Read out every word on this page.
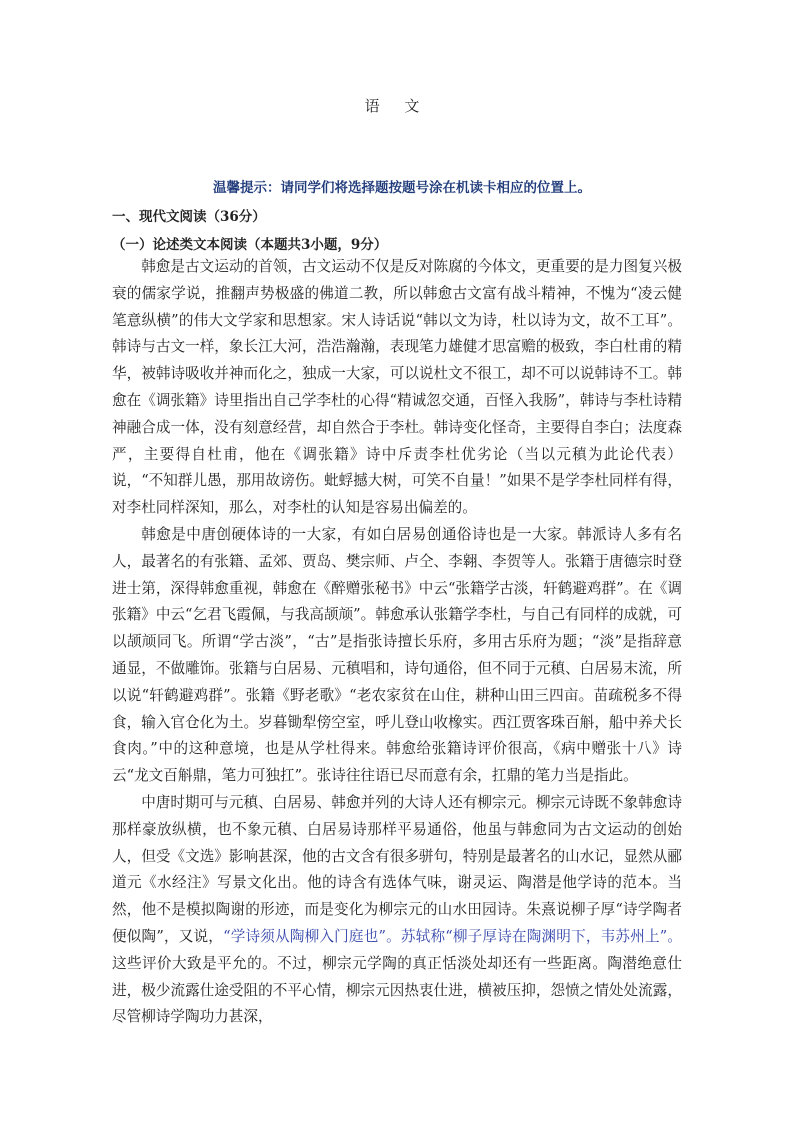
语 文
温馨提示：请同学们将选择题按题号涂在机读卡相应的位置上。
一、现代文阅读（36分）
（一）论述类文本阅读（本题共3小题，9分）

韩愈是古文运动的首领，古文运动不仅是反对陈腐的今体文，更重要的是力图复兴极衰的儒家学说，推翻声势极盛的佛道二教，所以韩愈古文富有战斗精神，不愧为“凌云健笔意纵横”的伟大文学家和思想家。宋人诗话说“韩以文为诗，杜以诗为文，故不工耳”。韩诗与古文一样，象长江大河，浩浩瀚瀚，表现笔力雄健才思富赡的极致，李白杜甫的精华，被韩诗吸收并神而化之，独成一大家，可以说杜文不很工，却不可以说韩诗不工。韩愈在《调张籍》诗里指出自己学李杜的心得“精诚忽交通，百怪入我肠”，韩诗与李杜诗精神融合成一体，没有刻意经营，却自然合于李杜。韩诗变化怪奇，主要得自李白；法度森严，主要得自杜甫，他在《调张籍》诗中斥责李杜优劣论（当以元稹为此论代表）说，“不知群儿愚，那用故谤伤。蚍蜉撼大树，可笑不自量！”如果不是学李杜同样有得，对李杜同样深知，那么，对李杜的认知是容易出偏差的。

韩愈是中唐创硬体诗的一大家，有如白居易创通俗诗也是一大家。韩派诗人多有名人，最著名的有张籍、孟郊、贾岛、樊宗师、卢仝、李翱、李贺等人。张籍于唐德宗时登进士第，深得韩愈重视，韩愈在《醉赠张秘书》中云“张籍学古淡，轩鹤避鸡群”。在《调张籍》中云“乞君飞霞佩，与我高颉颃”。韩愈承认张籍学李杜，与自己有同样的成就，可以颉颃同飞。所谓“学古淡”，“古”是指张诗擅长乐府，多用古乐府为题；“淡”是指辞意通显，不做雕饰。张籍与白居易、元稹唱和，诗句通俗，但不同于元稹、白居易末流，所以说“轩鹤避鸡群”。张籍《野老歌》“老农家贫在山住，耕种山田三四亩。苗疏税多不得食，输入官仓化为土。岁暮锄犁傍空室，呼儿登山收橡实。西江贾客珠百斛，船中养犬长食肉。”中的这种意境，也是从学杜得来。韩愈给张籍诗评价很高，《病中赠张十八》诗云“龙文百斛鼎，笔力可独扛”。张诗往往语已尽而意有余，扛鼎的笔力当是指此。

中唐时期可与元稹、白居易、韩愈并列的大诗人还有柳宗元。柳宗元诗既不象韩愈诗那样豪放纵横，也不象元稹、白居易诗那样平易通俗，他虽与韩愈同为古文运动的创始人，但受《文选》影响甚深，他的古文含有很多骈句，特别是最著名的山水记，显然从郦道元《水经注》写景文化出。他的诗含有选体气味，谢灵运、陶潜是他学诗的范本。当然，他不是模拟陶谢的形迹，而是变化为柳宗元的山水田园诗。朱熹说柳子厚“诗学陶者便似陶”，又说，“学诗须从陶柳入门庭也”。苏轼称“柳子厚诗在陶渊明下，韦苏州上”。这些评价大致是平允的。不过，柳宗元学陶的真正恬淡处却还有一些距离。陶潜绝意仕进，极少流露仕途受阻的不平心情，柳宗元因热衷仕进，横被压抑，怨愤之情处处流露，尽管柳诗学陶功力甚深，
